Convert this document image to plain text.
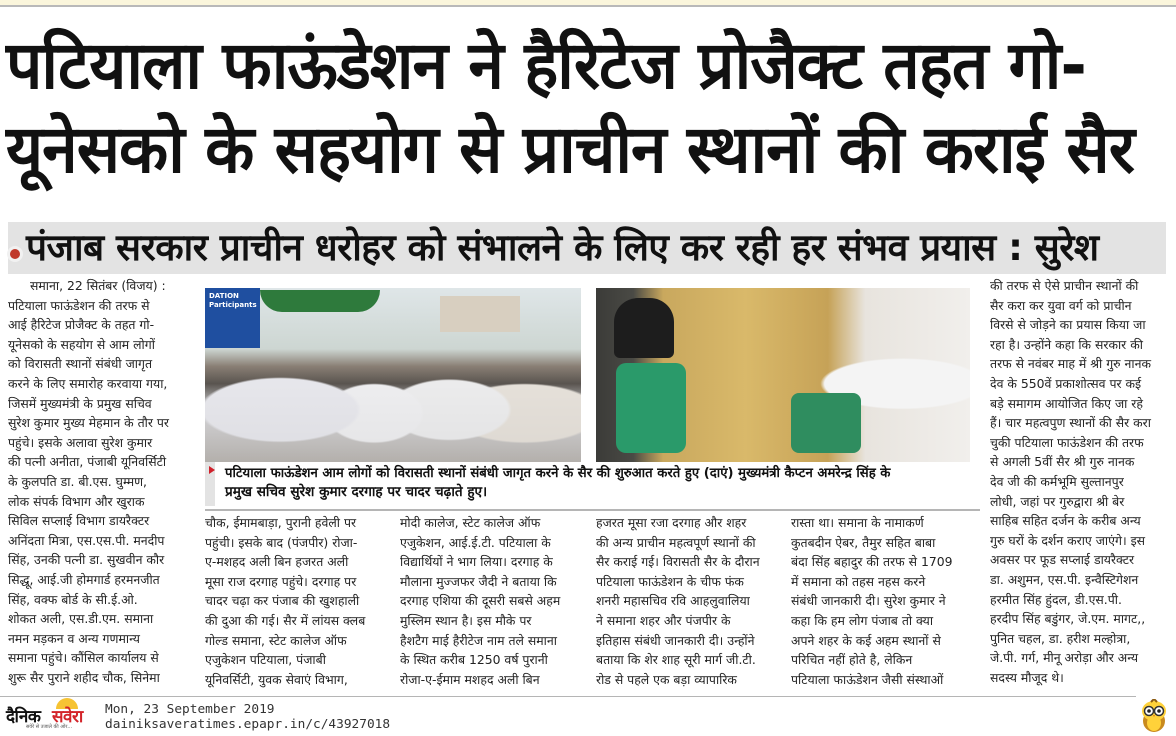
पटियाला फाऊंडेशन ने हैरिटेज प्रोजैक्ट तहत गो-
यूनेसको के सहयोग से प्राचीन स्थानों की कराई सैर
पंजाब सरकार प्राचीन धरोहर को संभालने के लिए कर रही हर संभव प्रयास : सुरेश
समाना, 22 सितंबर (विजय) :
पटियाला फाऊंडेशन की तरफ से
आई हैरिटेज प्रोजैक्ट के तहत गो-
यूनेसको के सहयोग से आम लोगों
को विरासती स्थानों संबंधी जागृत
करने के लिए समारोह करवाया गया,
जिसमें मुख्यमंत्री के प्रमुख सचिव
सुरेश कुमार मुख्य मेहमान के तौर पर
पहुंचे। इसके अलावा सुरेश कुमार
की पत्नी अनीता, पंजाबी यूनिवर्सिटी
के कुलपति डा. बी.एस. घुम्मण,
लोक संपर्क विभाग और खुराक
सिविल सप्लाई विभाग डायरैक्टर
अनिंदता मित्रा, एस.एस.पी. मनदीप
सिंह, उनकी पत्नी डा. सुखवीन कौर
सिद्धू, आई.जी होमगार्ड हरमनजीत
सिंह, वक्फ बोर्ड के सी.ई.ओ.
शोकत अली, एस.डी.एम. समाना
नमन मड़कन व अन्य गणमान्य
समाना पहुंचे। कौंसिल कार्यालय से
शुरू सैर पुराने शहीद चौक, सिनेमा
DATION Participants
पटियाला फाऊंडेशन आम लोगों को विरासती स्थानों संबंधी जागृत करने के सैर की शुरुआत करते हुए (दाएं) मुख्यमंत्री कैप्टन अमरेन्द्र सिंह के
प्रमुख सचिव सुरेश कुमार दरगाह पर चादर चढ़ाते हुए।
चौक, ईमामबाड़ा, पुरानी हवेली पर
पहुंची। इसके बाद (पंजपीर) रोजा-
ए-मशहद अली बिन हजरत अली
मूसा राज दरगाह पहुंचे। दरगाह पर
चादर चढ़ा कर पंजाब की खुशहाली
की दुआ की गई। सैर में लांयस क्लब
गोल्ड समाना, स्टेट कालेज ऑफ
एजुकेशन पटियाला, पंजाबी
यूनिवर्सिटी, युवक सेवाएं विभाग,
मोदी कालेज, स्टेट कालेज ऑफ
एजुकेशन, आई.ई.टी. पटियाला के
विद्यार्थियों ने भाग लिया। दरगाह के
मौलाना मुज्जफर जैदी ने बताया कि
दरगाह एशिया की दूसरी सबसे अहम
मुस्लिम स्थान है। इस मौके पर
हैशटैग माई हैरीटेज नाम तले समाना
के स्थित करीब 1250 वर्ष पुरानी
रोजा-ए-ईमाम मशहद अली बिन
हजरत मूसा रजा दरगाह और शहर
की अन्य प्राचीन महत्वपूर्ण स्थानों की
सैर कराई गई। विरासती सैर के दौरान
पटियाला फाऊंडेशन के चीफ फंक
शनरी महासचिव रवि आहलुवालिया
ने समाना शहर और पंजपीर के
इतिहास संबंधी जानकारी दी। उन्होंने
बताया कि शेर शाह सूरी मार्ग जी.टी.
रोड से पहले एक बड़ा व्यापारिक
रास्ता था। समाना के नामाकर्ण
कुतबदीन ऐबर, तैमुर सहित बाबा
बंदा सिंह बहादुर की तरफ से 1709
में समाना को तहस नहस करने
संबंधी जानकारी दी। सुरेश कुमार ने
कहा कि हम लोग पंजाब तो क्या
अपने शहर के कई अहम स्थानों से
परिचित नहीं होते है, लेकिन
पटियाला फाऊंडेशन जैसी संस्थाओं
की तरफ से ऐसे प्राचीन स्थानों की
सैर करा कर युवा वर्ग को प्राचीन
विरसे से जोड़ने का प्रयास किया जा
रहा है। उन्होंने कहा कि सरकार की
तरफ से नवंबर माह में श्री गुरु नानक
देव के 550वें प्रकाशोत्सव पर कई
बड़े समागम आयोजित किए जा रहे
हैं। चार महत्वपुण स्थानों की सैर करा
चुकी पटियाला फाऊंडेशन की तरफ
से अगली 5वीं सैर श्री गुरु नानक
देव जी की कर्मभूमि सुल्तानपुर
लोधी, जहां पर गुरुद्वारा श्री बेर
साहिब सहित दर्जन के करीब अन्य
गुरु घरों के दर्शन कराए जाएंगे। इस
अवसर पर फूड सप्लाई डायरैक्टर
डा. अशुमन, एस.पी. इन्वैस्टिगेशन
हरमीत सिंह हुंदल, डी.एस.पी.
हरदीप सिंह बडुंगर, जे.एम. मागट,,
पुनित चहल, डा. हरीश मल्होत्रा,
जे.पी. गर्ग, मीनू अरोड़ा और अन्य
सदस्य मौजूद थे।
दैनिक सवेरा
सवेरे से उजाले की ओर...
Mon, 23 September 2019
dainiksaveratimes.epapr.in/c/43927018
